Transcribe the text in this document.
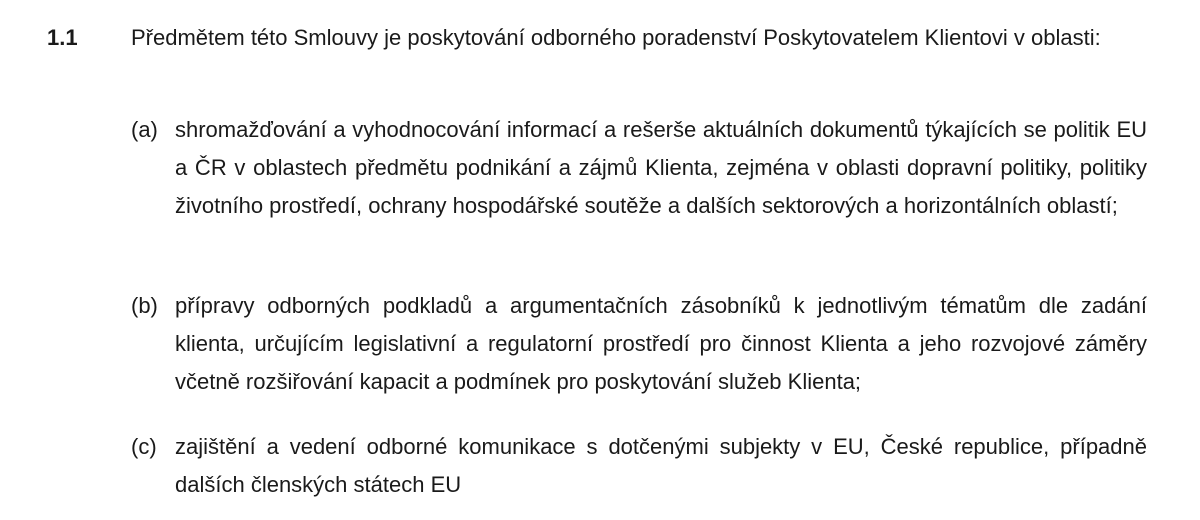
1.1 Předmětem této Smlouvy je poskytování odborného poradenství Poskytovatelem Klientovi v oblasti:
(a) shromažďování a vyhodnocování informací a rešerše aktuálních dokumentů týkajících se politik EU a ČR v oblastech předmětu podnikání a zájmů Klienta, zejména v oblasti dopravní politiky, politiky životního prostředí, ochrany hospodářské soutěže a dalších sektorových a horizontálních oblastí;
(b) přípravy odborných podkladů a argumentačních zásobníků k jednotlivým tématům dle zadání klienta, určujícím legislativní a regulatorní prostředí pro činnost Klienta a jeho rozvojové záměry včetně rozšiřování kapacit a podmínek pro poskytování služeb Klienta;
(c) zajištění a vedení odborné komunikace s dotčenými subjekty v EU, České republice, případně dalších členských státech EU
